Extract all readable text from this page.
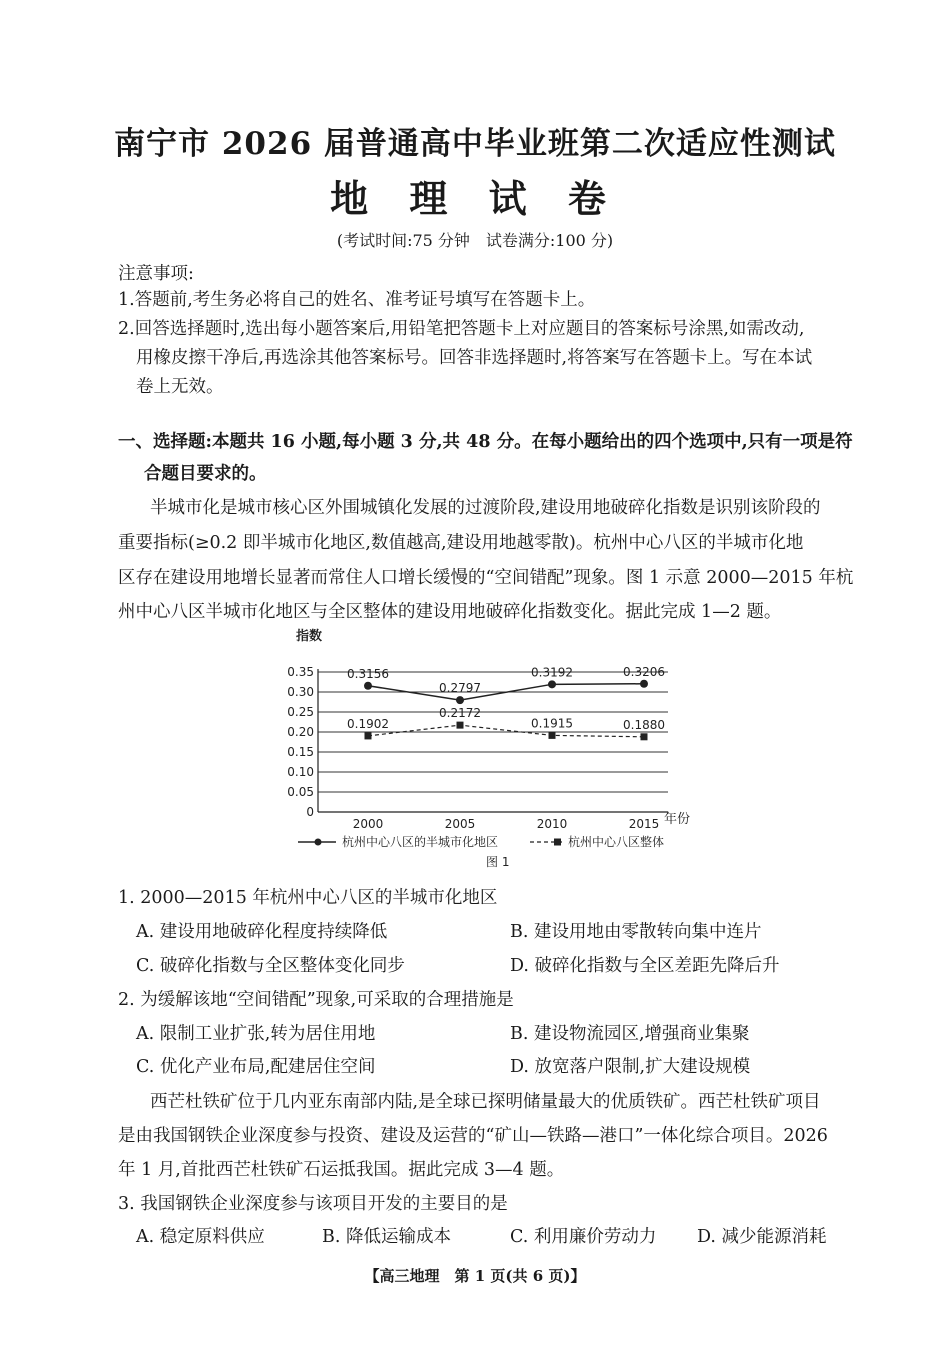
南宁市 2026 届普通高中毕业班第二次适应性测试
地 理 试 卷
(考试时间:75 分钟　试卷满分:100 分)
注意事项:
1.答题前,考生务必将自己的姓名、准考证号填写在答题卡上。
2.回答选择题时,选出每小题答案后,用铅笔把答题卡上对应题目的答案标号涂黑,如需改动,
用橡皮擦干净后,再选涂其他答案标号。回答非选择题时,将答案写在答题卡上。写在本试
卷上无效。
一、选择题:本题共 16 小题,每小题 3 分,共 48 分。在每小题给出的四个选项中,只有一项是符
合题目要求的。
半城市化是城市核心区外围城镇化发展的过渡阶段,建设用地破碎化指数是识别该阶段的
重要指标(≥0.2 即半城市化地区,数值越高,建设用地越零散)。杭州中心八区的半城市化地
区存在建设用地增长显著而常住人口增长缓慢的“空间错配”现象。图 1 示意 2000—2015 年杭
州中心八区半城市化地区与全区整体的建设用地破碎化指数变化。据此完成 1—2 题。
0
0.05
0.10
0.15
0.20
0.25
0.30
0.35
2000	2005	2010	2015
0.3156
0.2797
0.3192	0.3206
0.1902
0.2172
0.1915	0.1880
指数
年份
杭州中心八区的半城市化地区	杭州中心八区整体
图 1
1. 2000—2015 年杭州中心八区的半城市化地区
A. 建设用地破碎化程度持续降低	B. 建设用地由零散转向集中连片
C. 破碎化指数与全区整体变化同步	D. 破碎化指数与全区差距先降后升
2. 为缓解该地“空间错配”现象,可采取的合理措施是
A. 限制工业扩张,转为居住用地	B. 建设物流园区,增强商业集聚
C. 优化产业布局,配建居住空间	D. 放宽落户限制,扩大建设规模
西芒杜铁矿位于几内亚东南部内陆,是全球已探明储量最大的优质铁矿。西芒杜铁矿项目
是由我国钢铁企业深度参与投资、建设及运营的“矿山—铁路—港口”一体化综合项目。2026
年 1 月,首批西芒杜铁矿石运抵我国。据此完成 3—4 题。
3. 我国钢铁企业深度参与该项目开发的主要目的是
A. 稳定原料供应	B. 降低运输成本	C. 利用廉价劳动力 D. 减少能源消耗
【高三地理　第 1 页(共 6 页)】
